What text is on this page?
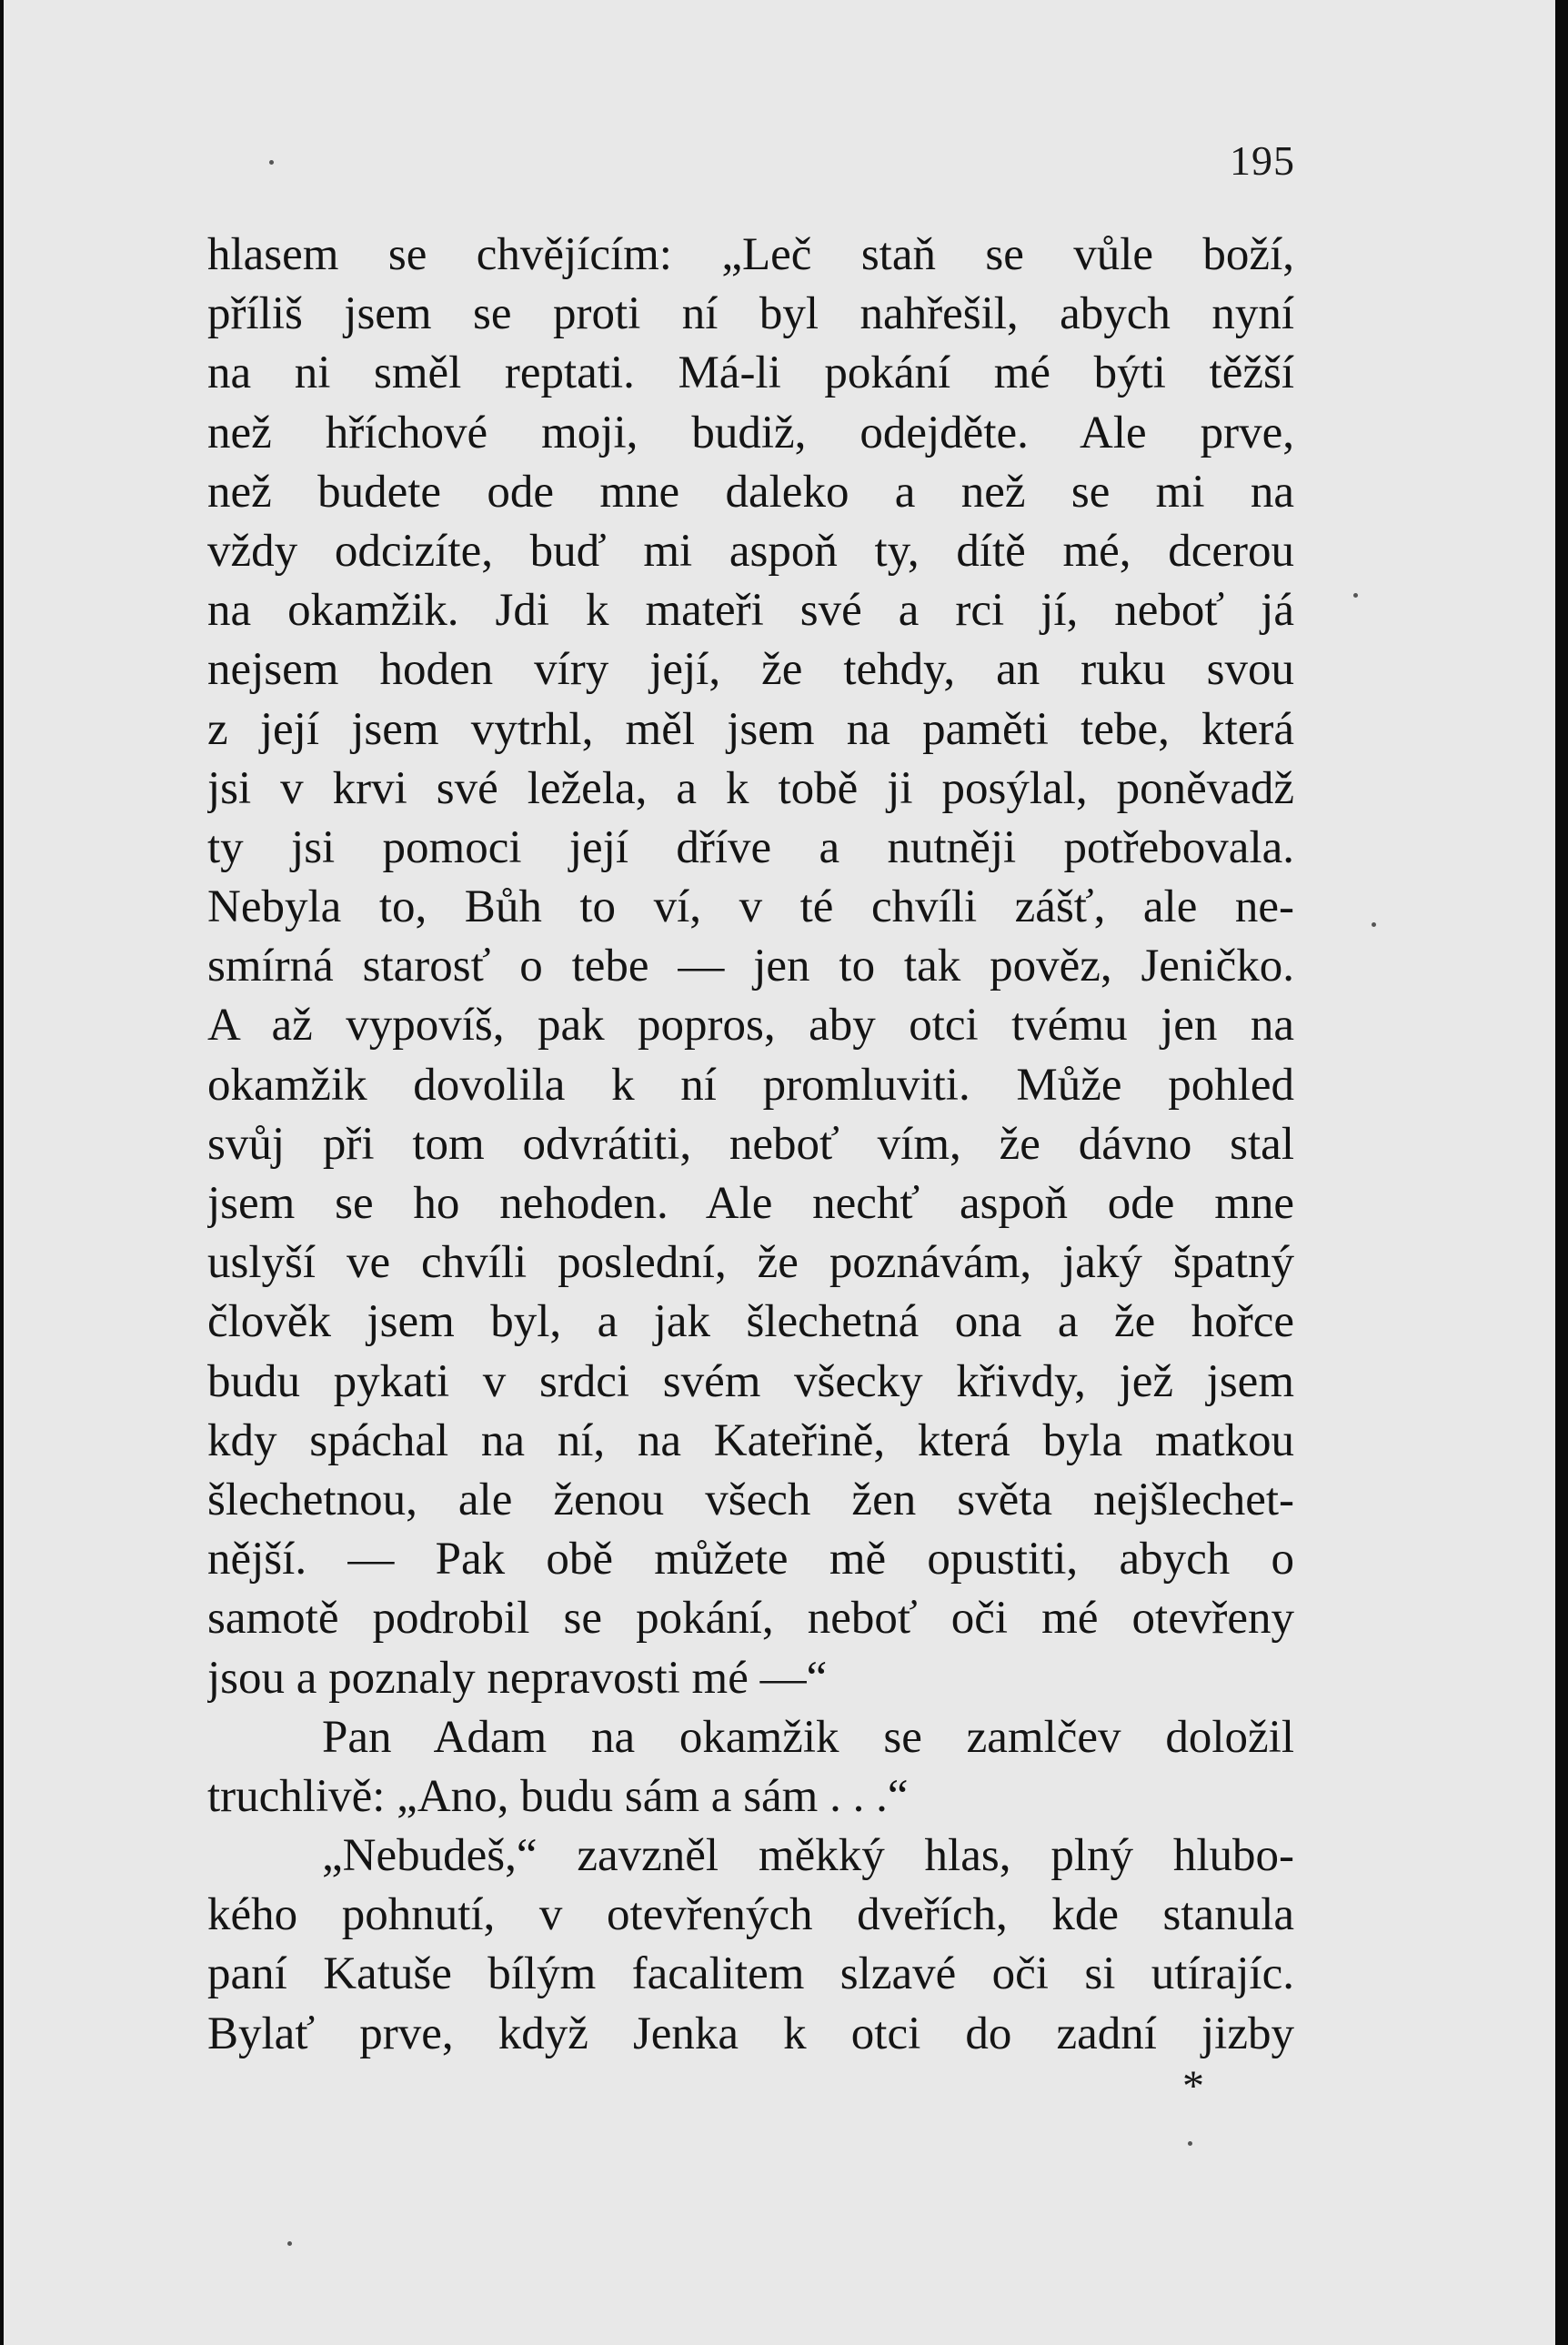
195
hlasem se chvějícím: „Leč staň se vůle boží,
příliš jsem se proti ní byl nahřešil, abych nyní
na ni směl reptati. Má-li pokání mé býti těžší
než hříchové moji, budiž, odejděte. Ale prve,
než budete ode mne daleko a než se mi na
vždy odcizíte, buď mi aspoň ty, dítě mé, dcerou
na okamžik. Jdi k mateři své a rci jí, neboť já
nejsem hoden víry její, že tehdy, an ruku svou
z její jsem vytrhl, měl jsem na paměti tebe, která
jsi v krvi své ležela, a k tobě ji posýlal, poněvadž
ty jsi pomoci její dříve a nutněji potřebovala.
Nebyla to, Bůh to ví, v té chvíli zášť, ale ne-
smírná starosť o tebe — jen to tak pověz, Jeničko.
A až vypovíš, pak popros, aby otci tvému jen na
okamžik dovolila k ní promluviti. Může pohled
svůj při tom odvrátiti, neboť vím, že dávno stal
jsem se ho nehoden. Ale nechť aspoň ode mne
uslyší ve chvíli poslední, že poznávám, jaký špatný
člověk jsem byl, a jak šlechetná ona a že hořce
budu pykati v srdci svém všecky křivdy, jež jsem
kdy spáchal na ní, na Kateřině, která byla matkou
šlechetnou, ale ženou všech žen světa nejšlechet-
nější. — Pak obě můžete mě opustiti, abych o
samotě podrobil se pokání, neboť oči mé otevřeny
jsou a poznaly nepravosti mé —“
Pan Adam na okamžik se zamlčev doložil
truchlivě: „Ano, budu sám a sám . . .“
„Nebudeš,“ zavzněl měkký hlas, plný hlubo-
kého pohnutí, v otevřených dveřích, kde stanula
paní Katuše bílým facalitem slzavé oči si utírajíc.
Bylať prve, když Jenka k otci do zadní jizby
*
